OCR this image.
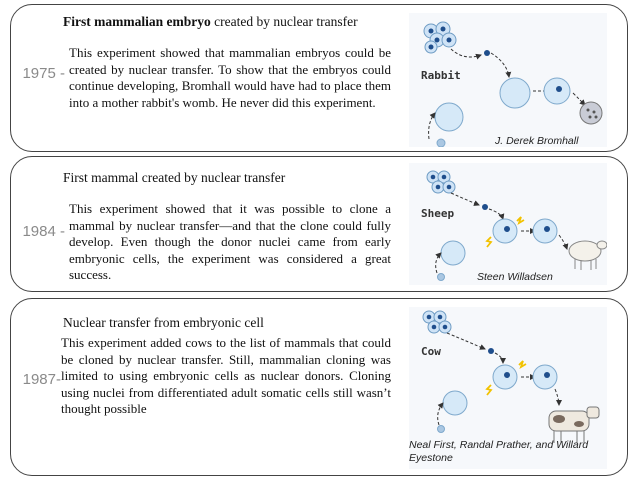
1975 -
First mammalian embryo created by nuclear transfer
This experiment showed that mammalian embryos could be created by nuclear transfer. To show that the embryos could continue developing, Bromhall would have had to place them into a mother rabbit's womb. He never did this experiment.
Rabbit
J. Derek Bromhall
1984 -
First mammal created by nuclear transfer
This experiment showed that it was possible to clone a mammal by nuclear transfer—and that the clone could fully develop. Even though the donor nuclei came from early embryonic cells, the experiment was considered a great success.
Sheep
Steen Willadsen
1987-
Nuclear transfer from embryonic cell
This experiment added cows to the list of mammals that could be cloned by nuclear transfer. Still, mammalian cloning was limited to using embryonic cells as nuclear donors. Cloning using nuclei from differentiated adult somatic cells still wasn’t thought possible
Cow
Neal First, Randal Prather, and Willard Eyestone
